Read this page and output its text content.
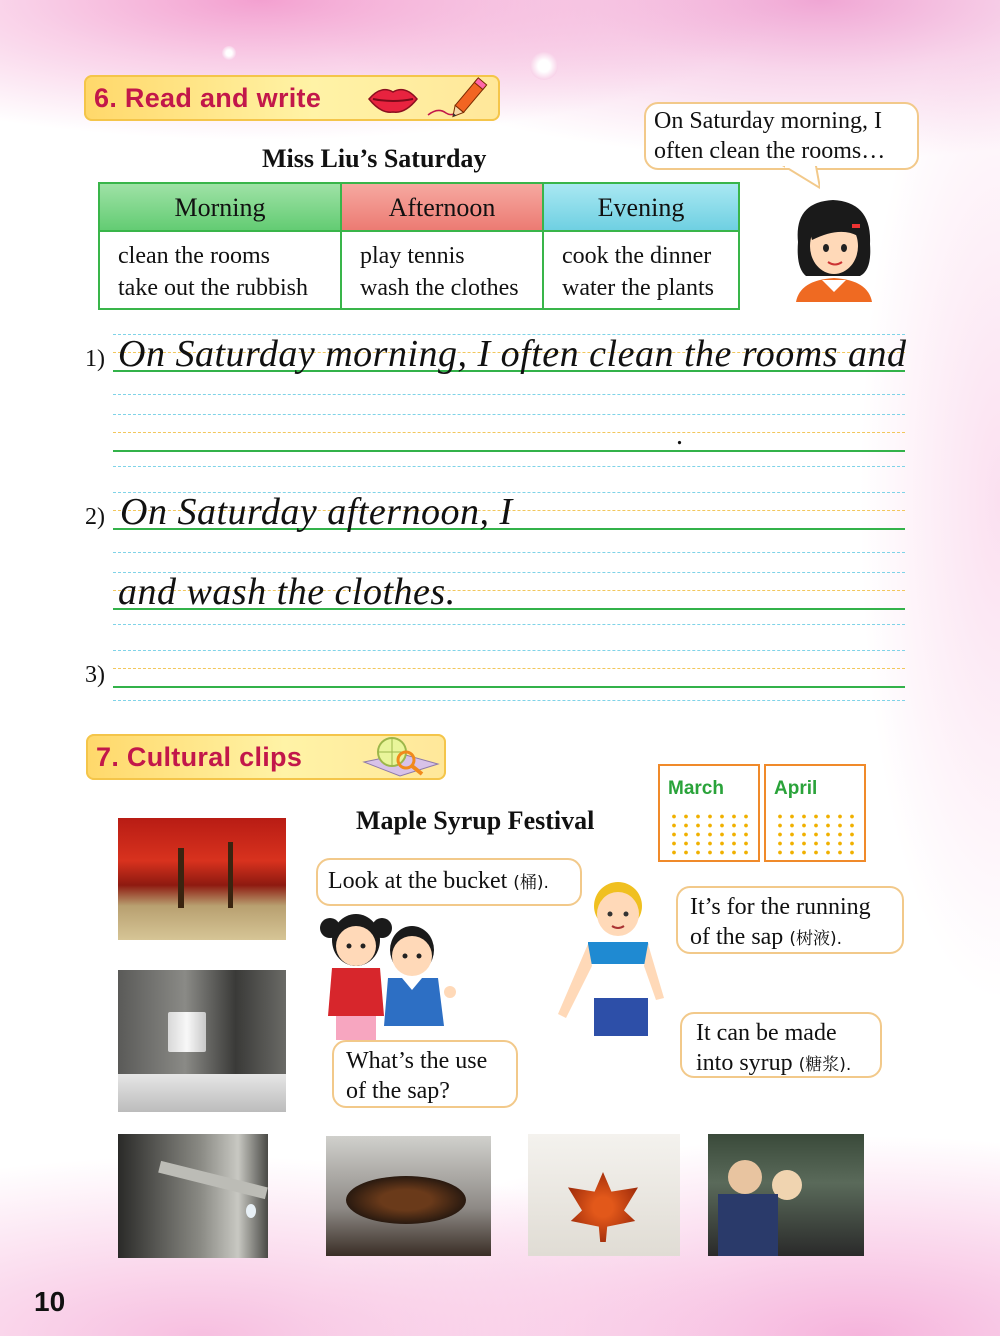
6. Read and write
Miss Liu’s Saturday
Morning
clean the rooms
take out the rubbish
Afternoon
play tennis
wash the clothes
Evening
cook the dinner
water the plants
On Saturday morning, I often clean the rooms…
1) On Saturday morning, I often clean the rooms and
.
2) On Saturday afternoon, I
and wash the clothes.
3)
7. Cultural clips
Maple Syrup Festival
March	April
Look at the bucket (桶).
It’s for the running
of the sap (树液).
What’s the use
of the sap?
It can be made
into syrup (糖浆).
10
